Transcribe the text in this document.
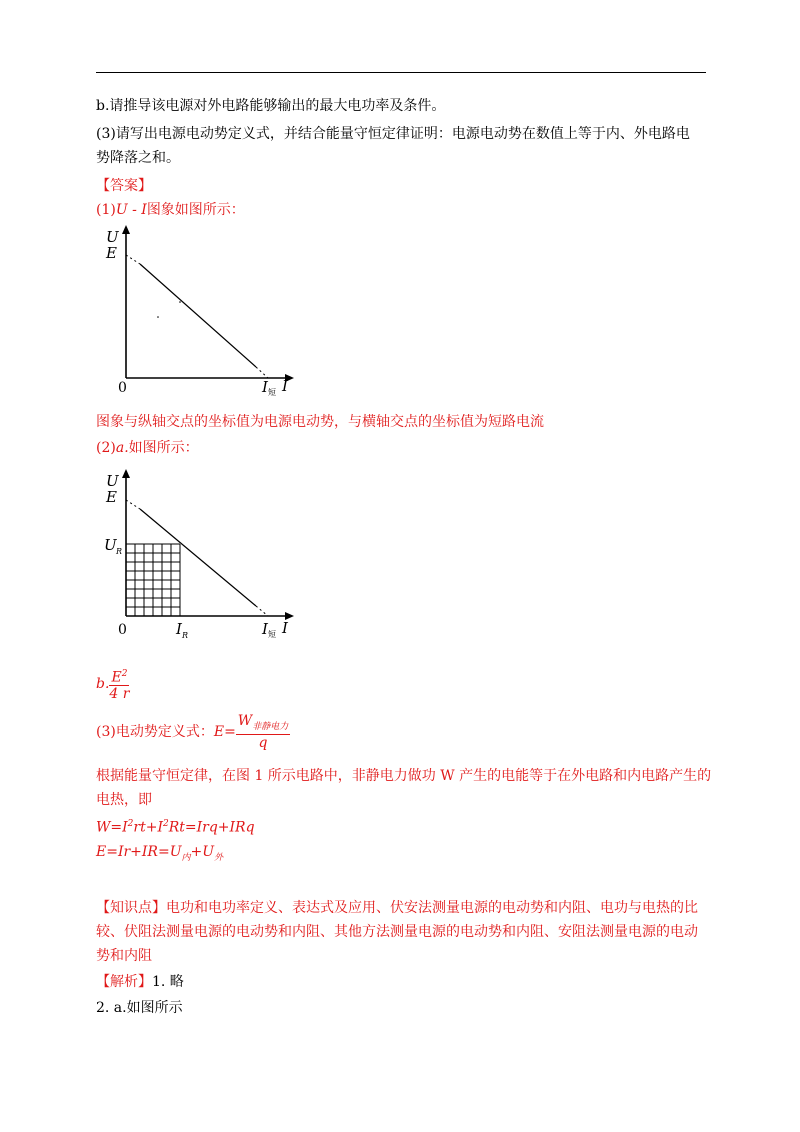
b.请推导该电源对外电路能够输出的最大电功率及条件。
(3)请写出电源电动势定义式，并结合能量守恒定律证明：电源电动势在数值上等于内、外电路电
势降落之和。
【答案】
(1)U - I图象如图所示：
U
E
0	I 短 I
图象与纵轴交点的坐标值为电源电动势，与横轴交点的坐标值为短路电流
(2)a.如图所示：
U
E
U R
0	I R	I 短 I
b. $\frac{E^2}{4 r}$
(3)电动势定义式：$E= \frac{W_{非静电力}}{q}$
根据能量守恒定律，在图 1 所示电路中，非静电力做功 W 产生的电能等于在外电路和内电路产生的
电热，即
$W=I^2rt+I^2Rt=Irq+IRq$
$E=Ir+IR=U_内+U_外$
【知识点】电功和电功率定义、表达式及应用、伏安法测量电源的电动势和内阻、电功与电热的比
较、伏阻法测量电源的电动势和内阻、其他方法测量电源的电动势和内阻、安阻法测量电源的电动
势和内阻
【解析】1. 略
2. a.如图所示
